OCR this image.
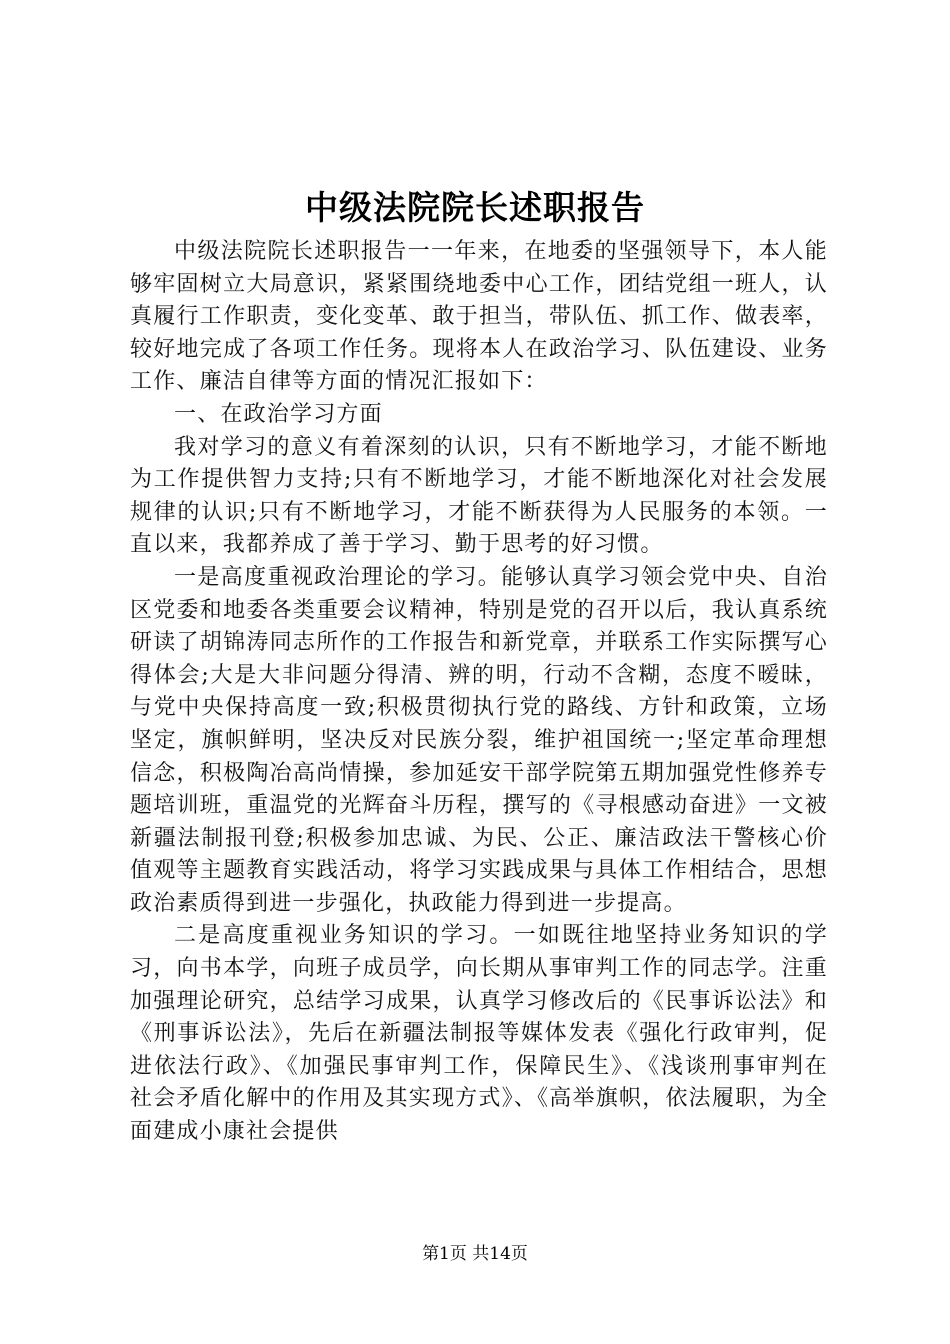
中级法院院长述职报告

中级法院院长述职报告一一年来，在地委的坚强领导下，本人能够牢固树立大局意识，紧紧围绕地委中心工作，团结党组一班人，认真履行工作职责，变化变革、敢于担当，带队伍、抓工作、做表率，较好地完成了各项工作任务。现将本人在政治学习、队伍建设、业务工作、廉洁自律等方面的情况汇报如下：

一、在政治学习方面

我对学习的意义有着深刻的认识，只有不断地学习，才能不断地为工作提供智力支持;只有不断地学习，才能不断地深化对社会发展规律的认识;只有不断地学习，才能不断获得为人民服务的本领。一直以来，我都养成了善于学习、勤于思考的好习惯。

一是高度重视政治理论的学习。能够认真学习领会党中央、自治区党委和地委各类重要会议精神，特别是党的召开以后，我认真系统研读了胡锦涛同志所作的工作报告和新党章，并联系工作实际撰写心得体会;大是大非问题分得清、辨的明，行动不含糊，态度不暧昧，与党中央保持高度一致;积极贯彻执行党的路线、方针和政策，立场坚定，旗帜鲜明，坚决反对民族分裂，维护祖国统一;坚定革命理想信念，积极陶冶高尚情操，参加延安干部学院第五期加强党性修养专题培训班，重温党的光辉奋斗历程，撰写的《寻根感动奋进》一文被新疆法制报刊登;积极参加忠诚、为民、公正、廉洁政法干警核心价值观等主题教育实践活动，将学习实践成果与具体工作相结合，思想政治素质得到进一步强化，执政能力得到进一步提高。

二是高度重视业务知识的学习。一如既往地坚持业务知识的学习，向书本学，向班子成员学，向长期从事审判工作的同志学。注重加强理论研究，总结学习成果，认真学习修改后的《民事诉讼法》和《刑事诉讼法》，先后在新疆法制报等媒体发表《强化行政审判，促进依法行政》、《加强民事审判工作，保障民生》、《浅谈刑事审判在社会矛盾化解中的作用及其实现方式》、《高举旗帜，依法履职，为全面建成小康社会提供

第1页 共14页
